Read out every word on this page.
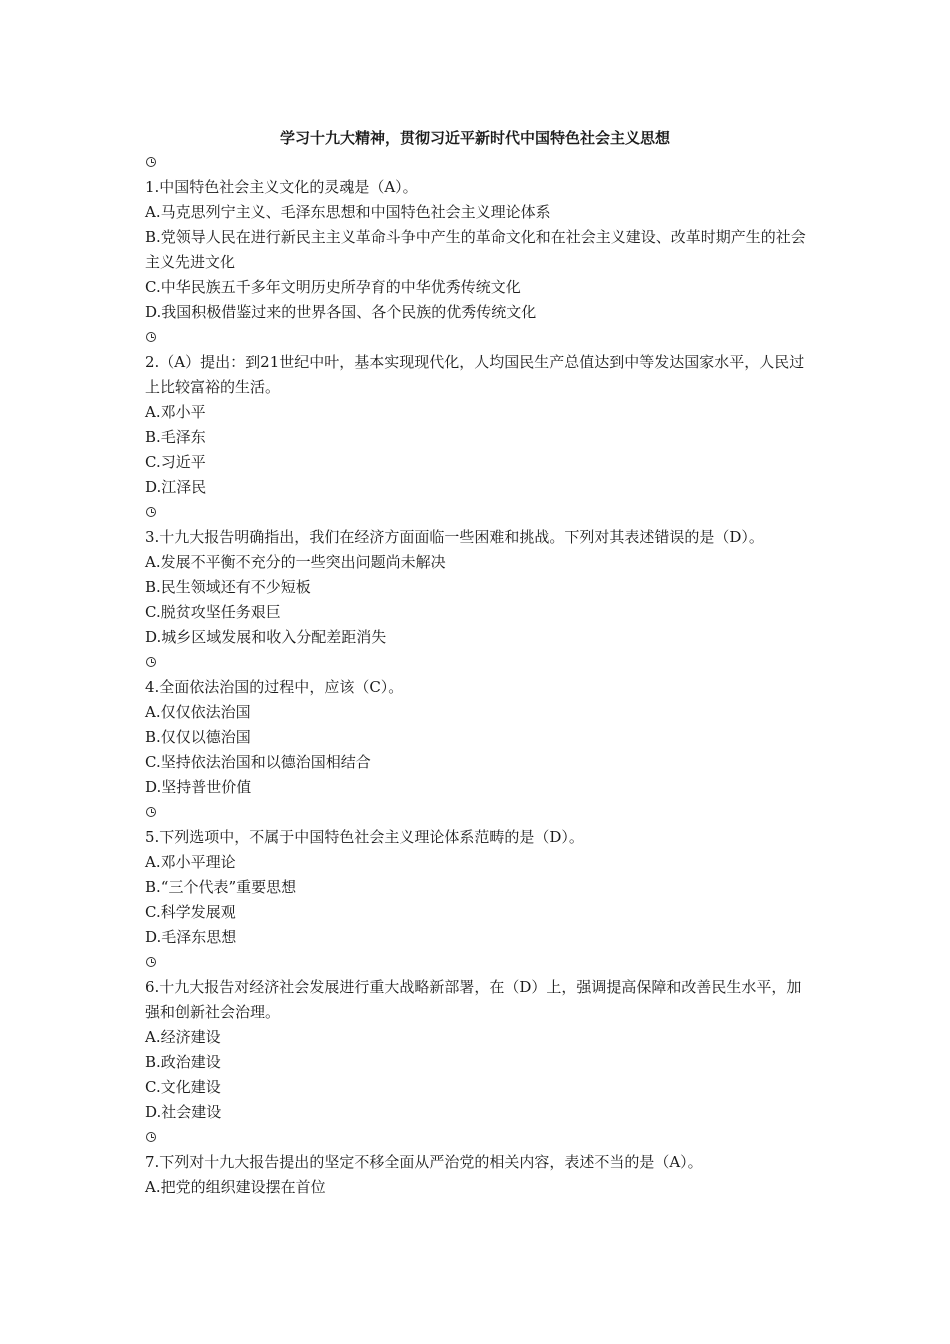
学习十九大精神，贯彻习近平新时代中国特色社会主义思想
1.中国特色社会主义文化的灵魂是（A）。
A.马克思列宁主义、毛泽东思想和中国特色社会主义理论体系
B.党领导人民在进行新民主主义革命斗争中产生的革命文化和在社会主义建设、改革时期产生的社会主义先进文化
C.中华民族五千多年文明历史所孕育的中华优秀传统文化
D.我国积极借鉴过来的世界各国、各个民族的优秀传统文化
2.（A）提出：到21世纪中叶，基本实现现代化，人均国民生产总值达到中等发达国家水平，人民过上比较富裕的生活。
A.邓小平
B.毛泽东
C.习近平
D.江泽民
3.十九大报告明确指出，我们在经济方面面临一些困难和挑战。下列对其表述错误的是（D）。
A.发展不平衡不充分的一些突出问题尚未解决
B.民生领域还有不少短板
C.脱贫攻坚任务艰巨
D.城乡区域发展和收入分配差距消失
4.全面依法治国的过程中，应该（C）。
A.仅仅依法治国
B.仅仅以德治国
C.坚持依法治国和以德治国相结合
D.坚持普世价值
5.下列选项中，不属于中国特色社会主义理论体系范畴的是（D）。
A.邓小平理论
B.“三个代表”重要思想
C.科学发展观
D.毛泽东思想
6.十九大报告对经济社会发展进行重大战略新部署，在（D）上，强调提高保障和改善民生水平，加强和创新社会治理。
A.经济建设
B.政治建设
C.文化建设
D.社会建设
7.下列对十九大报告提出的坚定不移全面从严治党的相关内容，表述不当的是（A）。
A.把党的组织建设摆在首位
